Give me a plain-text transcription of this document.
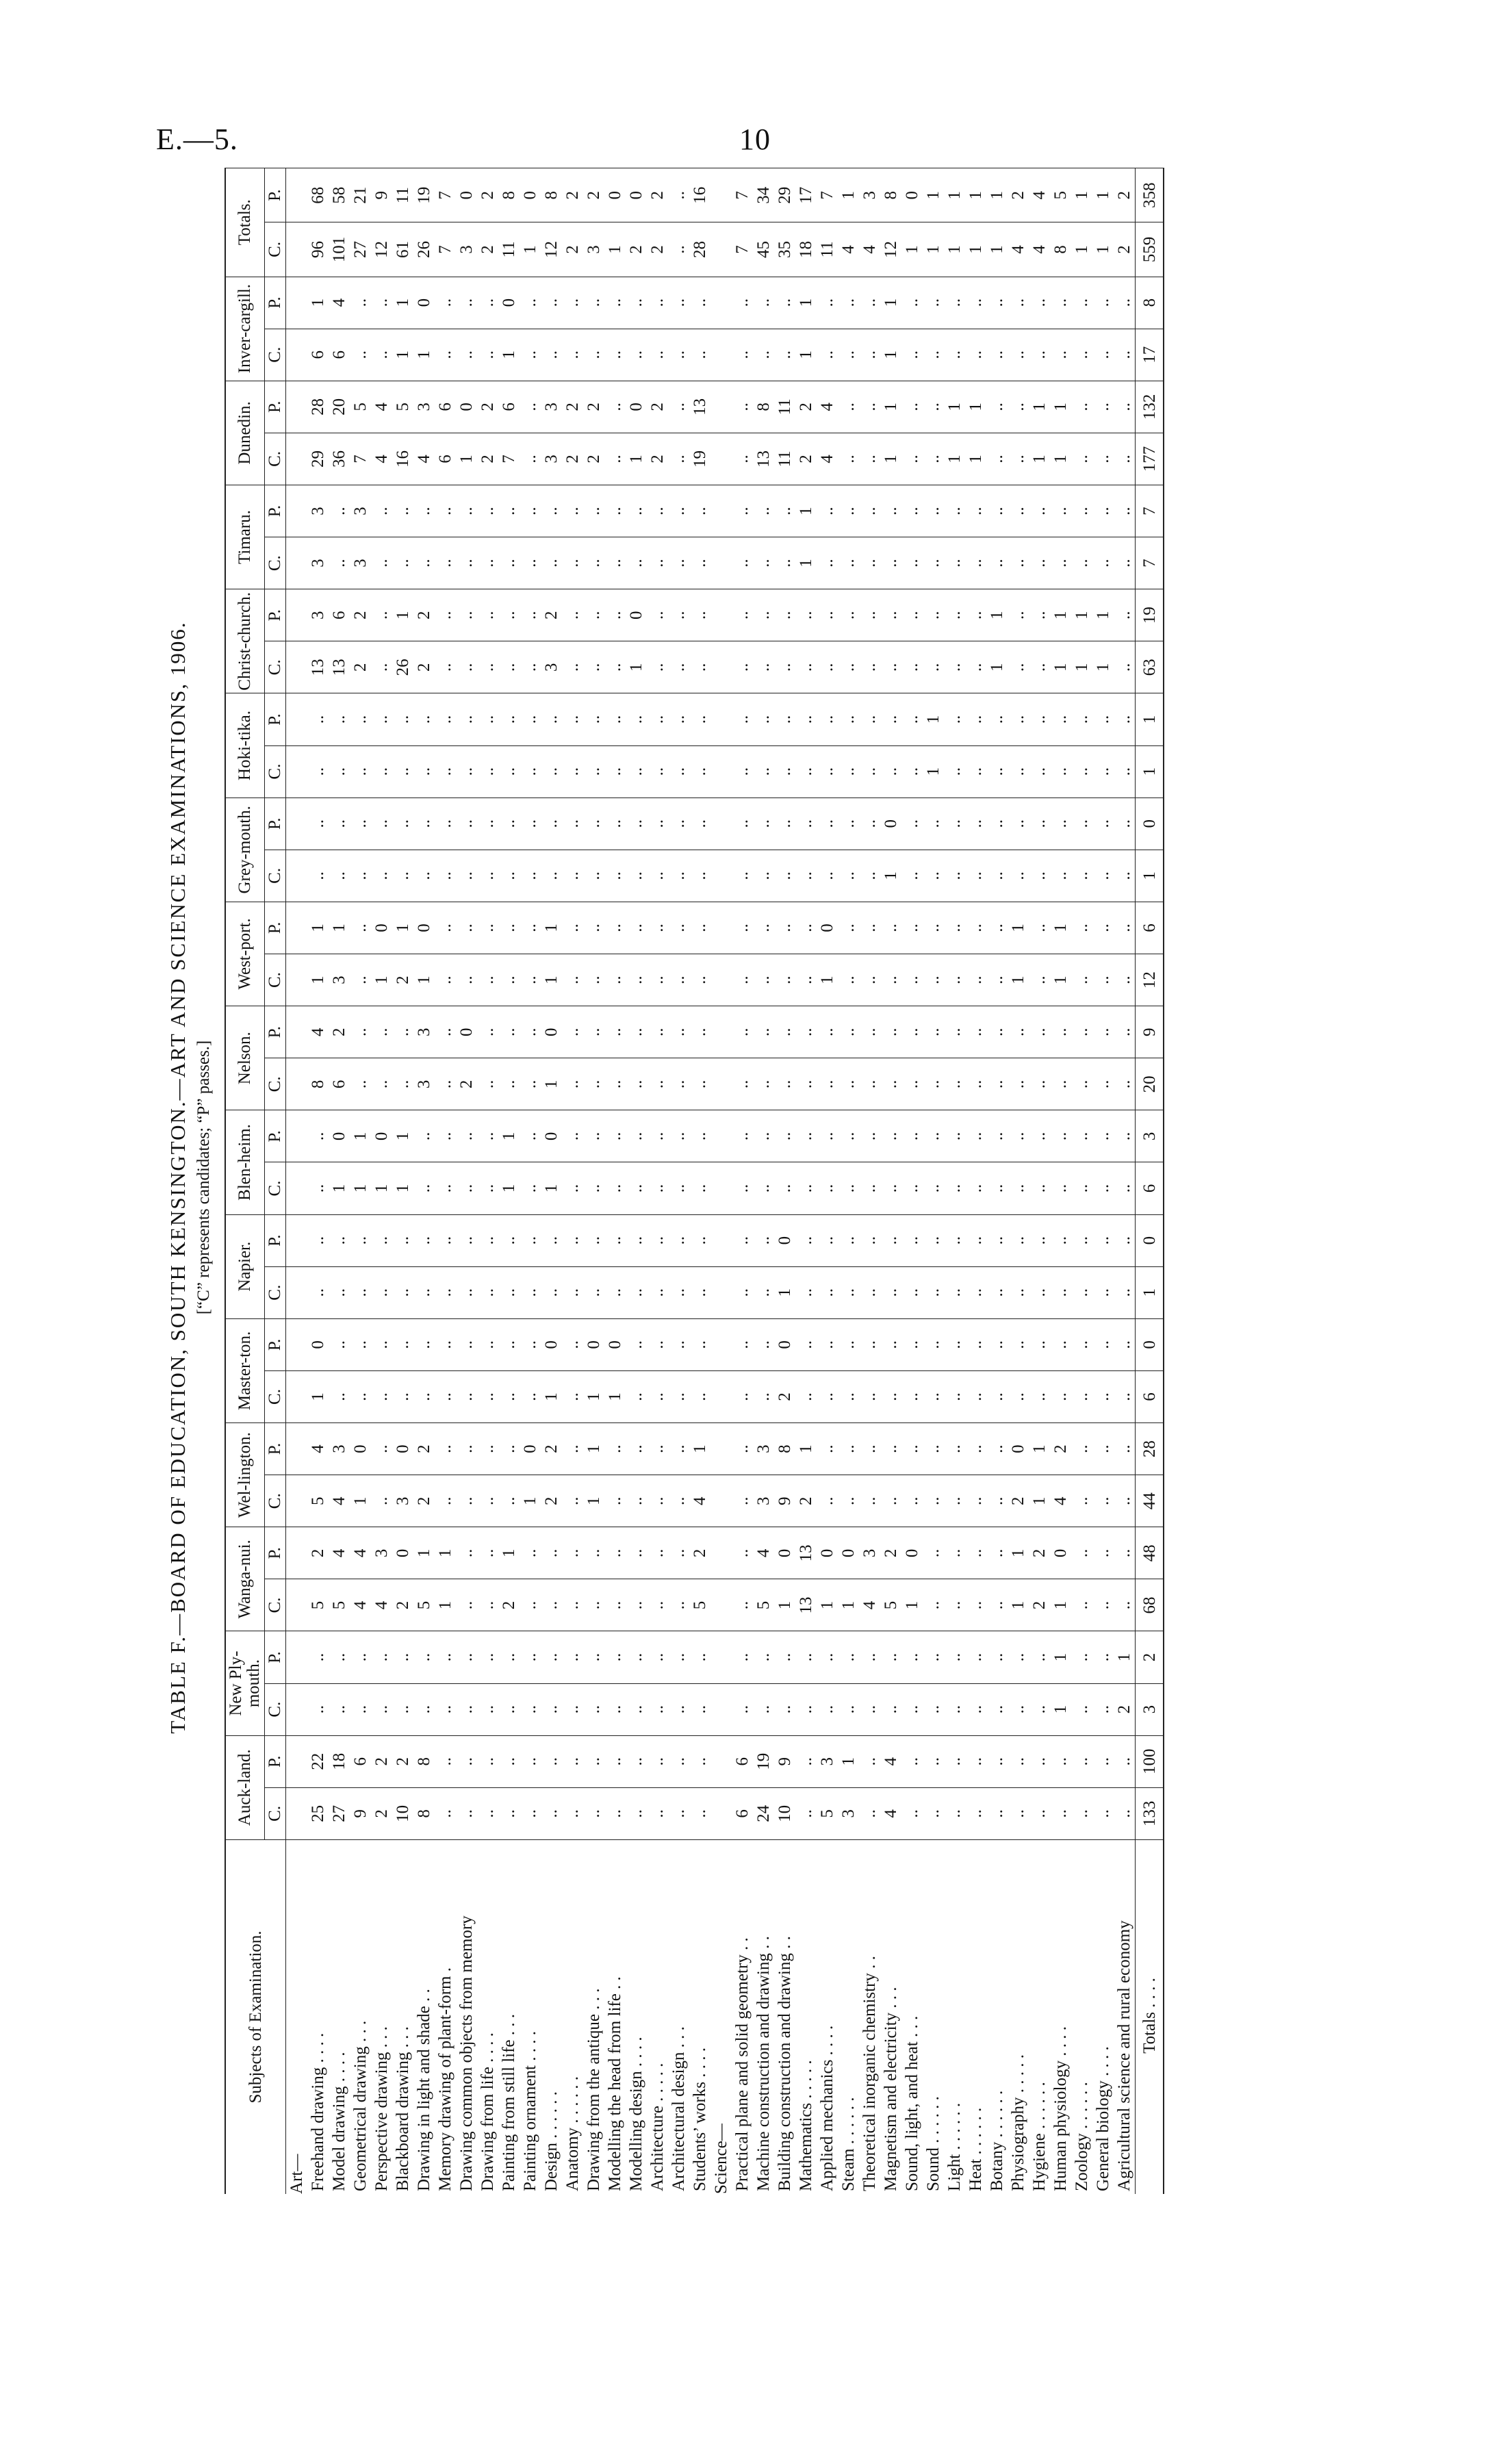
E.—5.	10
TABLE F.—BOARD OF EDUCATION, SOUTH KENSINGTON.—ART AND SCIENCE EXAMINATIONS, 1906. [“C” represents candidates; “P” passes.]
Subjects of Examination.	Auck-land.		New Ply-mouth.		Wanga-nui.		Wel-lington.		Master-ton.		Napier.		Blen-heim.		Nelson.		West-port.		Grey-mouth.		Hoki-tika.		Christ-church.		Timaru.		Dunedin.		Inver-cargill.		Totals.	
	C.	P.	C.	P.	C.	P.	C.	P.	C.	P.	C.	P.	C.	P.	C.	P.	C.	P.	C.	P.	C.	P.	C.	P.	C.	P.	C.	P.	C.	P.	C.	P.
Art—																																
Freehand drawing . . . .	25	22	..	..	5	2	5	4	1	0	..	..	..	..	8	4	1	1	..	..	..	..	13	3	3	3	29	28	6	1	96	68
Model drawing . . . .	27	18	..	..	5	4	4	3	..	..	..	..	1	0	6	2	3	1	..	..	..	..	13	6	..	..	36	20	6	4	101	58
Geometrical drawing . . .	9	6	..	..	4	4	1	0	..	..	..	..	1	1	..	..	..	..	..	..	..	..	2	2	3	3	7	5	..	..	27	21
Perspective drawing . . .	2	2	..	..	4	3	..	..	..	..	..	..	1	0	..	..	1	0	..	..	..	..	..	..	..	..	4	4	..	..	12	9
Blackboard drawing . . .	10	2	..	..	2	0	3	0	..	..	..	..	1	1	..	..	2	1	..	..	..	..	26	1	..	..	16	5	1	1	61	11
Drawing in light and shade . .	8	8	..	..	5	1	2	2	..	..	..	..	..	..	3	3	1	0	..	..	..	..	2	2	..	..	4	3	1	0	26	19
Memory drawing of plant-form .	..	..	..	..	1	1	..	..	..	..	..	..	..	..	..	..	..	..	..	..	..	..	..	..	..	..	6	6	..	..	7	7
Drawing common objects from memory	..	..	..	..	..	..	..	..	..	..	..	..	..	..	2	0	..	..	..	..	..	..	..	..	..	..	1	0	..	..	3	0
Drawing from life . . . .	..	..	..	..	..	..	..	..	..	..	..	..	..	..	..	..	..	..	..	..	..	..	..	..	..	..	2	2	..	..	2	2
Painting from still life . . .	..	..	..	..	2	1	..	..	..	..	..	..	1	1	..	..	..	..	..	..	..	..	..	..	..	..	7	6	1	0	11	8
Painting ornament . . . .	..	..	..	..	..	..	1	0	..	..	..	..	..	..	..	..	..	..	..	..	..	..	..	..	..	..	..	..	..	..	1	0
Design . . . . . .	..	..	..	..	..	..	2	2	1	0	..	..	1	0	1	0	1	1	..	..	..	..	3	2	..	..	3	3	..	..	12	8
Anatomy . . . . . .	..	..	..	..	..	..	..	..	..	..	..	..	..	..	..	..	..	..	..	..	..	..	..	..	..	..	2	2	..	..	2	2
Drawing from the antique . . .	..	..	..	..	..	..	1	1	1	0	..	..	..	..	..	..	..	..	..	..	..	..	..	..	..	..	2	2	..	..	3	2
Modelling the head from life . .	..	..	..	..	..	..	..	..	1	0	..	..	..	..	..	..	..	..	..	..	..	..	..	..	..	..	..	..	..	..	1	0
Modelling design . . . .	..	..	..	..	..	..	..	..	..	..	..	..	..	..	..	..	..	..	..	..	..	..	1	0	..	..	1	0	..	..	2	0
Architecture . . . . .	..	..	..	..	..	..	..	..	..	..	..	..	..	..	..	..	..	..	..	..	..	..	..	..	..	..	2	2	..	..	2	2
Architectural design . . .	..	..	..	..	..	..	..	..	..	..	..	..	..	..	..	..	..	..	..	..	..	..	..	..	..	..	..	..	..	..	..	..
Students’ works . . . .	..	..	..	..	5	2	4	1	..	..	..	..	..	..	..	..	..	..	..	..	..	..	..	..	..	..	19	13	..	..	28	16
Science—																																
Practical plane and solid geometry . .	6	6	..	..	..	..	..	..	..	..	..	..	..	..	..	..	..	..	..	..	..	..	..	..	..	..	..	..	..	..	7	7
Machine construction and drawing . .	24	19	..	..	5	4	3	3	..	..	..	..	..	..	..	..	..	..	..	..	..	..	..	..	..	..	13	8	..	..	45	34
Building construction and drawing . .	10	9	..	..	1	0	9	8	2	0	1	0	..	..	..	..	..	..	..	..	..	..	..	..	..	..	11	11	..	..	35	29
Mathematics . . . . .	..	..	..	..	13	13	2	1	..	..	..	..	..	..	..	..	..	..	..	..	..	..	..	..	1	1	2	2	1	1	18	17
Applied mechanics . . . .	5	3	..	..	1	0	..	..	..	..	..	..	..	..	..	..	1	0	..	..	..	..	..	..	..	..	4	4	..	..	11	7
Steam . . . . . .	3	1	..	..	1	0	..	..	..	..	..	..	..	..	..	..	..	..	..	..	..	..	..	..	..	..	..	..	..	..	4	1
Theoretical inorganic chemistry . .	..	..	..	..	4	3	..	..	..	..	..	..	..	..	..	..	..	..	..	..	..	..	..	..	..	..	..	..	..	..	4	3
Magnetism and electricity . . .	4	4	..	..	5	2	..	..	..	..	..	..	..	..	..	..	..	..	1	0	..	..	..	..	..	..	1	1	1	1	12	8
Sound, light, and heat . . .	..	..	..	..	1	0	..	..	..	..	..	..	..	..	..	..	..	..	..	..	..	..	..	..	..	..	..	..	..	..	1	0
Sound . . . . . .	..	..	..	..	..	..	..	..	..	..	..	..	..	..	..	..	..	..	..	..	1	1	..	..	..	..	..	..	..	..	1	1
Light . . . . . .	..	..	..	..	..	..	..	..	..	..	..	..	..	..	..	..	..	..	..	..	..	..	..	..	..	..	1	1	..	..	1	1
Heat . . . . . .	..	..	..	..	..	..	..	..	..	..	..	..	..	..	..	..	..	..	..	..	..	..	..	..	..	..	1	1	..	..	1	1
Botany . . . . . .	..	..	..	..	..	..	..	..	..	..	..	..	..	..	..	..	..	..	..	..	..	..	1	1	..	..	..	..	..	..	1	1
Physiography . . . . .	..	..	..	..	1	1	2	0	..	..	..	..	..	..	..	..	1	1	..	..	..	..	..	..	..	..	..	..	..	..	4	2
Hygiene . . . . . .	..	..	..	..	2	2	1	1	..	..	..	..	..	..	..	..	..	..	..	..	..	..	..	..	..	..	1	1	..	..	4	4
Human physiology . . . .	..	..	1	1	1	0	4	2	..	..	..	..	..	..	..	..	1	1	..	..	..	..	1	1	..	..	1	1	..	..	8	5
Zoology . . . . . .	..	..	..	..	..	..	..	..	..	..	..	..	..	..	..	..	..	..	..	..	..	..	1	1	..	..	..	..	..	..	1	1
General biology . . . .	..	..	..	..	..	..	..	..	..	..	..	..	..	..	..	..	..	..	..	..	..	..	1	1	..	..	..	..	..	..	1	1
Agricultural science and rural economy	..	..	2	1	..	..	..	..	..	..	..	..	..	..	..	..	..	..	..	..	..	..	..	..	..	..	..	..	..	..	2	2
Totals . . . .	133	100	3	2	68	48	44	28	6	0	1	0	6	3	20	9	12	6	1	0	1	1	63	19	7	7	177	132	17	8	559	358
